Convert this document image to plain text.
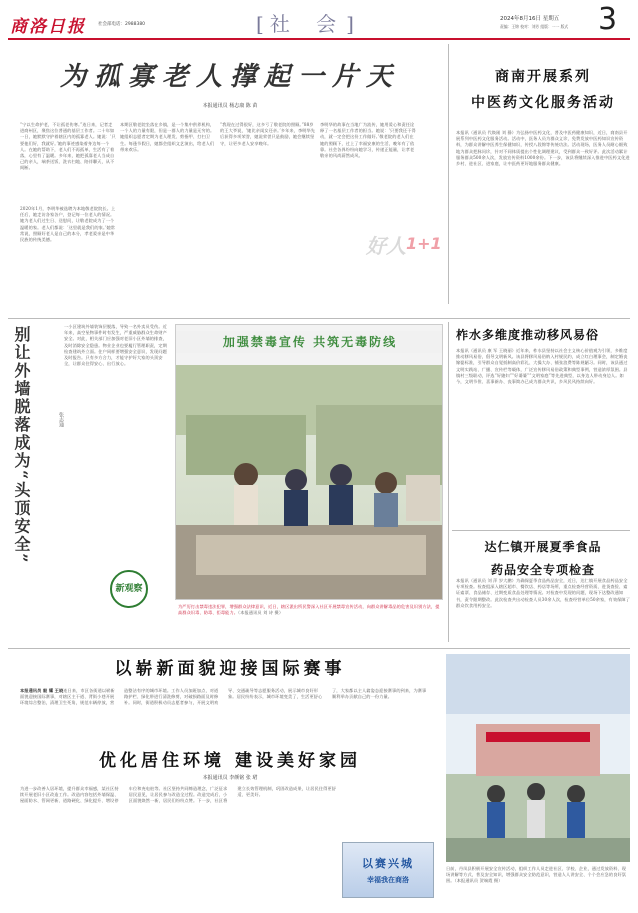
商洛日报	社会部电话：2988380	[社 会]	2024年8月16日 星期五
责编：王锦 校对：刘芳 组版：一一 版式 3
为孤寡老人撑起一片天
本报通讯员 杨志康 陈 苗
“宁以生命护老，不让孤老伤寒。”连日来，记者走进商州区，聚焦这位普通的基层工作者。二十年如一日，她默默守护着辖区内的孤寡老人。她说：‘只要他们好，我就好。’她的事迹感染着身边每一个人。在她的帮助下，老人们不再孤单，生活有了着落，心里有了温暖。多年来，她把孤寡老人当成自己的亲人，端茶送饭、洗衣扫地、陪伴聊天，从不间断。
2020年1月，李明华被选聘为本地敬老院院长。上任后，她走访各家各户，登记每一位老人的情况。她为老人们过生日、送慰问，让敬老院成为了一个温暖的家。老人们都说：‘这里就是我们的家。’她常常说，照顾好老人是自己的本分，孝老爱亲是中华民族的传统美德。
本期区敬老院坐落在乡镇，是一个集中供养机构，一个人的力量有限，但是一群人的力量是无穷的。她组织志愿者定期为老人理发、剪指甲、打扫卫生。每逢节假日，她都会组织文艺演出，给老人们带来欢乐。
“我现在过得很好，这多亏了敬老院的照顾。”88岁的王大爷说，‘她比亲闺女还亲。’多年来，李明华先后获得多项荣誉，她说荣誉只是鼓励，她会继续坚守，让更多老人安享晚年。
李明华的故事在当地广为流传，她用爱心和责任诠释了一名基层工作者的担当。她说：‘只要我还干得动，就一定会把这份工作做好。’敬老院的老人们在她的照顾下，过上了幸福安康的生活，晚年有了依靠。社会各界纷纷向她学习，传递正能量，让孝老敬亲的风尚蔚然成风。
好人 1+1
商南开展系列
中医药文化服务活动
本报讯（通讯员 代焕刚 刘 静）为弘扬中医药文化，普及中医药健康知识，近日，商南县开展系列中医药文化服务活动。活动中，医务人员为群众义诊，免费发放中医药知识宣传资料，为群众讲解中医养生保健知识，传授八段锦等传统功法。活动现场，医务人员耐心细致地为群众把脉问诊，针对不同体质提出个性化调理建议，受到群众一致好评。此次活动累计服务群众500余人次，发放宣传资料1000余份。下一步，该县将继续深入推进中医药文化进乡村、进社区、进家庭，让中医药更好地服务群众健康。
别让外墙脱落成为“头顶安全”	张志通
一小区建筑外墙装饰层脱落，导致一名外卖员受伤。近年来，高空坠物事件时有发生，严重威胁群众生命财产安全。对此，相关部门应加强对老旧小区外墙的排查，及时消除安全隐患。物业企业也要履行管理职责，定期检查建筑外立面。住户同样要增强安全意识，发现问题及时报告。只有多方合力，才能守护好大家的头顶安全，让群众住得安心、出行放心。
新观察
加强禁毒宣传 共筑无毒防线
为严厉打击禁毒违法犯罪，增强群众法律意识，近日，辖区派出所民警深入社区开展禁毒宣传活动，向群众讲解毒品的危害及识别方法，提高群众识毒、防毒、拒毒能力。（本报通讯员 刘 诗 摄）
柞水多维度推动移风易俗
本报讯（通讯员 康 军 王晓丽）近年来，柞水县坚持以社会主义核心价值观为引领，多维度推动移风易俗，倡导文明新风。该县将移风易俗纳入村规民约，成立红白理事会，制定婚丧嫁娶标准，引导群众自觉抵制高价彩礼、大操大办、铺张浪费等陈规陋习。同时，该县通过文明实践站、广播、宣传栏等载体，广泛宣传移风易俗政策和典型事例，营造浓厚氛围。县镇村三级联动，评选“好媳妇”“好婆婆”“文明家庭”等先进典型，以身边人带动身边人。如今，文明节俭、喜事新办、丧事简办已成为群众共识，乡风民风持续向好。
达仁镇开展夏季食品
药品安全专项检查
本报讯（通讯员 刘 萍 岁大鹏）为确保夏季食品药品安全，近日，达仁镇开展食品药品安全专项检查。检查组深入辖区超市、餐饮店、药店等场所，重点检查经营资质、进货查验、索证索票、食品储存、过期变质食品处理等情况。对检查中发现的问题，现场下达整改通知书，责令限期整改。此次检查共出动检查人员30余人次，检查经营单位50余家，有效保障了群众饮食用药安全。
以崭新面貌迎接国际赛事
本报通讯员 毅 耀 王晓连日来，市区各街道以崭新面貌迎接国际赛事，对辖区主干道、背街小巷开展环境综合整治，清理卫生死角，规范车辆停放，营造整洁有序的城市环境。工作人员加班加点，对道路护栏、绿化带进行清洗修剪，对破损路面及时修补。同时，街道积极动员志愿者参与，开展文明劝导、交通疏导等志愿服务活动，展示城市良好形象。居民纷纷表示，城市环境变美了，生活更舒心了，大家都以主人翁姿态迎接赛事的到来，为赛事顺利举办贡献自己的一份力量。
优化居住环境 建设美好家园
本报通讯员 李颜铭 张 珺
为进一步改善人居环境，提升群众幸福感，某社区持续开展老旧小区改造工作。改造内容包括外墙保温、屋面防水、管网更新、道路硬化、绿化提升、增设停车位和充电桩等。社区坚持共同缔造理念，广泛征求居民意见，让居民参与改造全过程。改造完成后，小区面貌焕然一新，居民们纷纷点赞。下一步，社区将建立长效管理机制，巩固改造成果，让居民住得更舒适、更美好。
以赛兴城
幸福我在商洛
日前，丹凤县积极开展安全宣传活动，组织工作人员走进社区、学校、企业，通过发放资料、现场讲解等方式，普及安全知识，增强群众安全防范意识，营造人人讲安全、个个会应急的良好氛围。（本报通讯员 贺端霞 摄）
